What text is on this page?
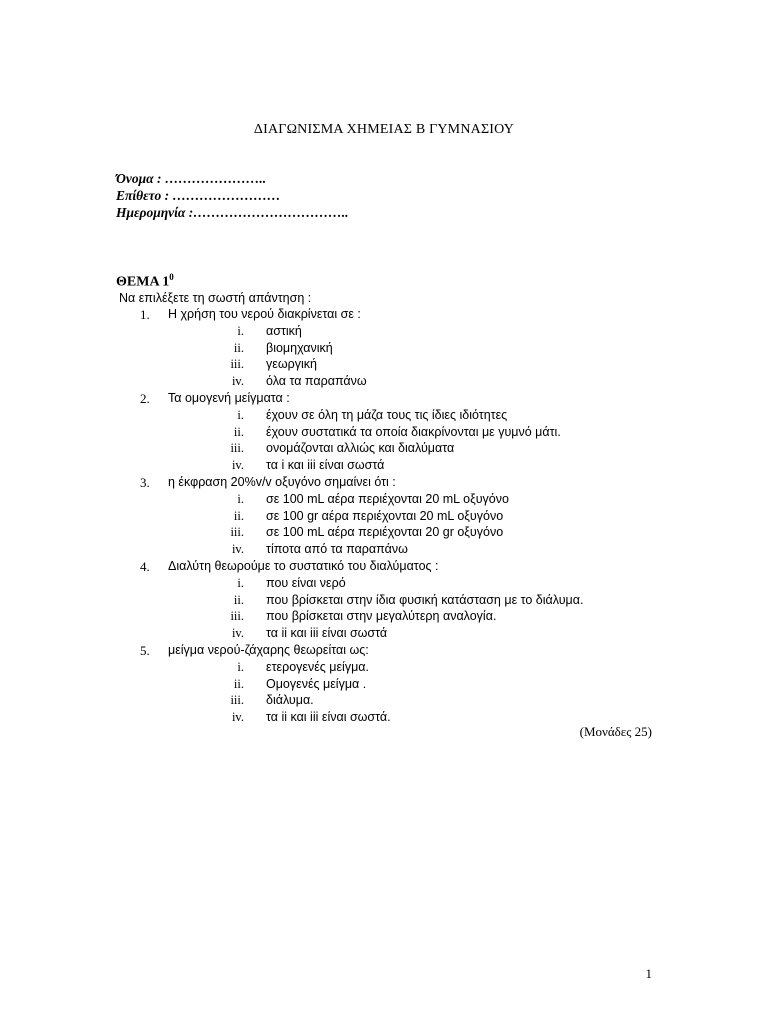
ΔΙΑΓΩΝΙΣΜΑ ΧΗΜΕΙΑΣ Β ΓΥΜΝΑΣΙΟΥ
Όνομα : …………………..
Επίθετο : ……………………
Ημερομηνία :……………………………..
ΘΕΜΑ $1^0$
Να επιλέξετε τη σωστή απάντηση :
1.	Η χρήση του νερού διακρίνεται σε :
i. αστική
ii. βιομηχανική
iii. γεωργική
iv. όλα τα παραπάνω
2.	Τα ομογενή μείγματα :
i. έχουν σε όλη τη μάζα τους τις ίδιες ιδιότητες
ii. έχουν συστατικά τα οποία διακρίνονται με γυμνό μάτι.
iii. ονομάζονται αλλιώς και διαλύματα
iv. τα i και iii είναι σωστά
3.	η έκφραση 20%v/v οξυγόνο σημαίνει ότι :
i. σε 100 mL αέρα περιέχονται 20 mL οξυγόνο
ii. σε 100 gr αέρα περιέχονται 20 mL οξυγόνο
iii. σε 100 mL αέρα περιέχονται 20 gr οξυγόνο
iv. τίποτα από τα παραπάνω
4.	Διαλύτη θεωρούμε το συστατικό του διαλύματος :
i. που είναι νερό
ii. που βρίσκεται στην ίδια φυσική κατάσταση με το διάλυμα.
iii. που βρίσκεται στην μεγαλύτερη αναλογία.
iv. τα ii και iii είναι σωστά
5.	μείγμα νερού-ζάχαρης θεωρείται ως:
i. ετερογενές μείγμα.
ii. Ομογενές μείγμα .
iii. διάλυμα.
iv. τα ii και iii είναι σωστά.
(Μονάδες 25)
1
